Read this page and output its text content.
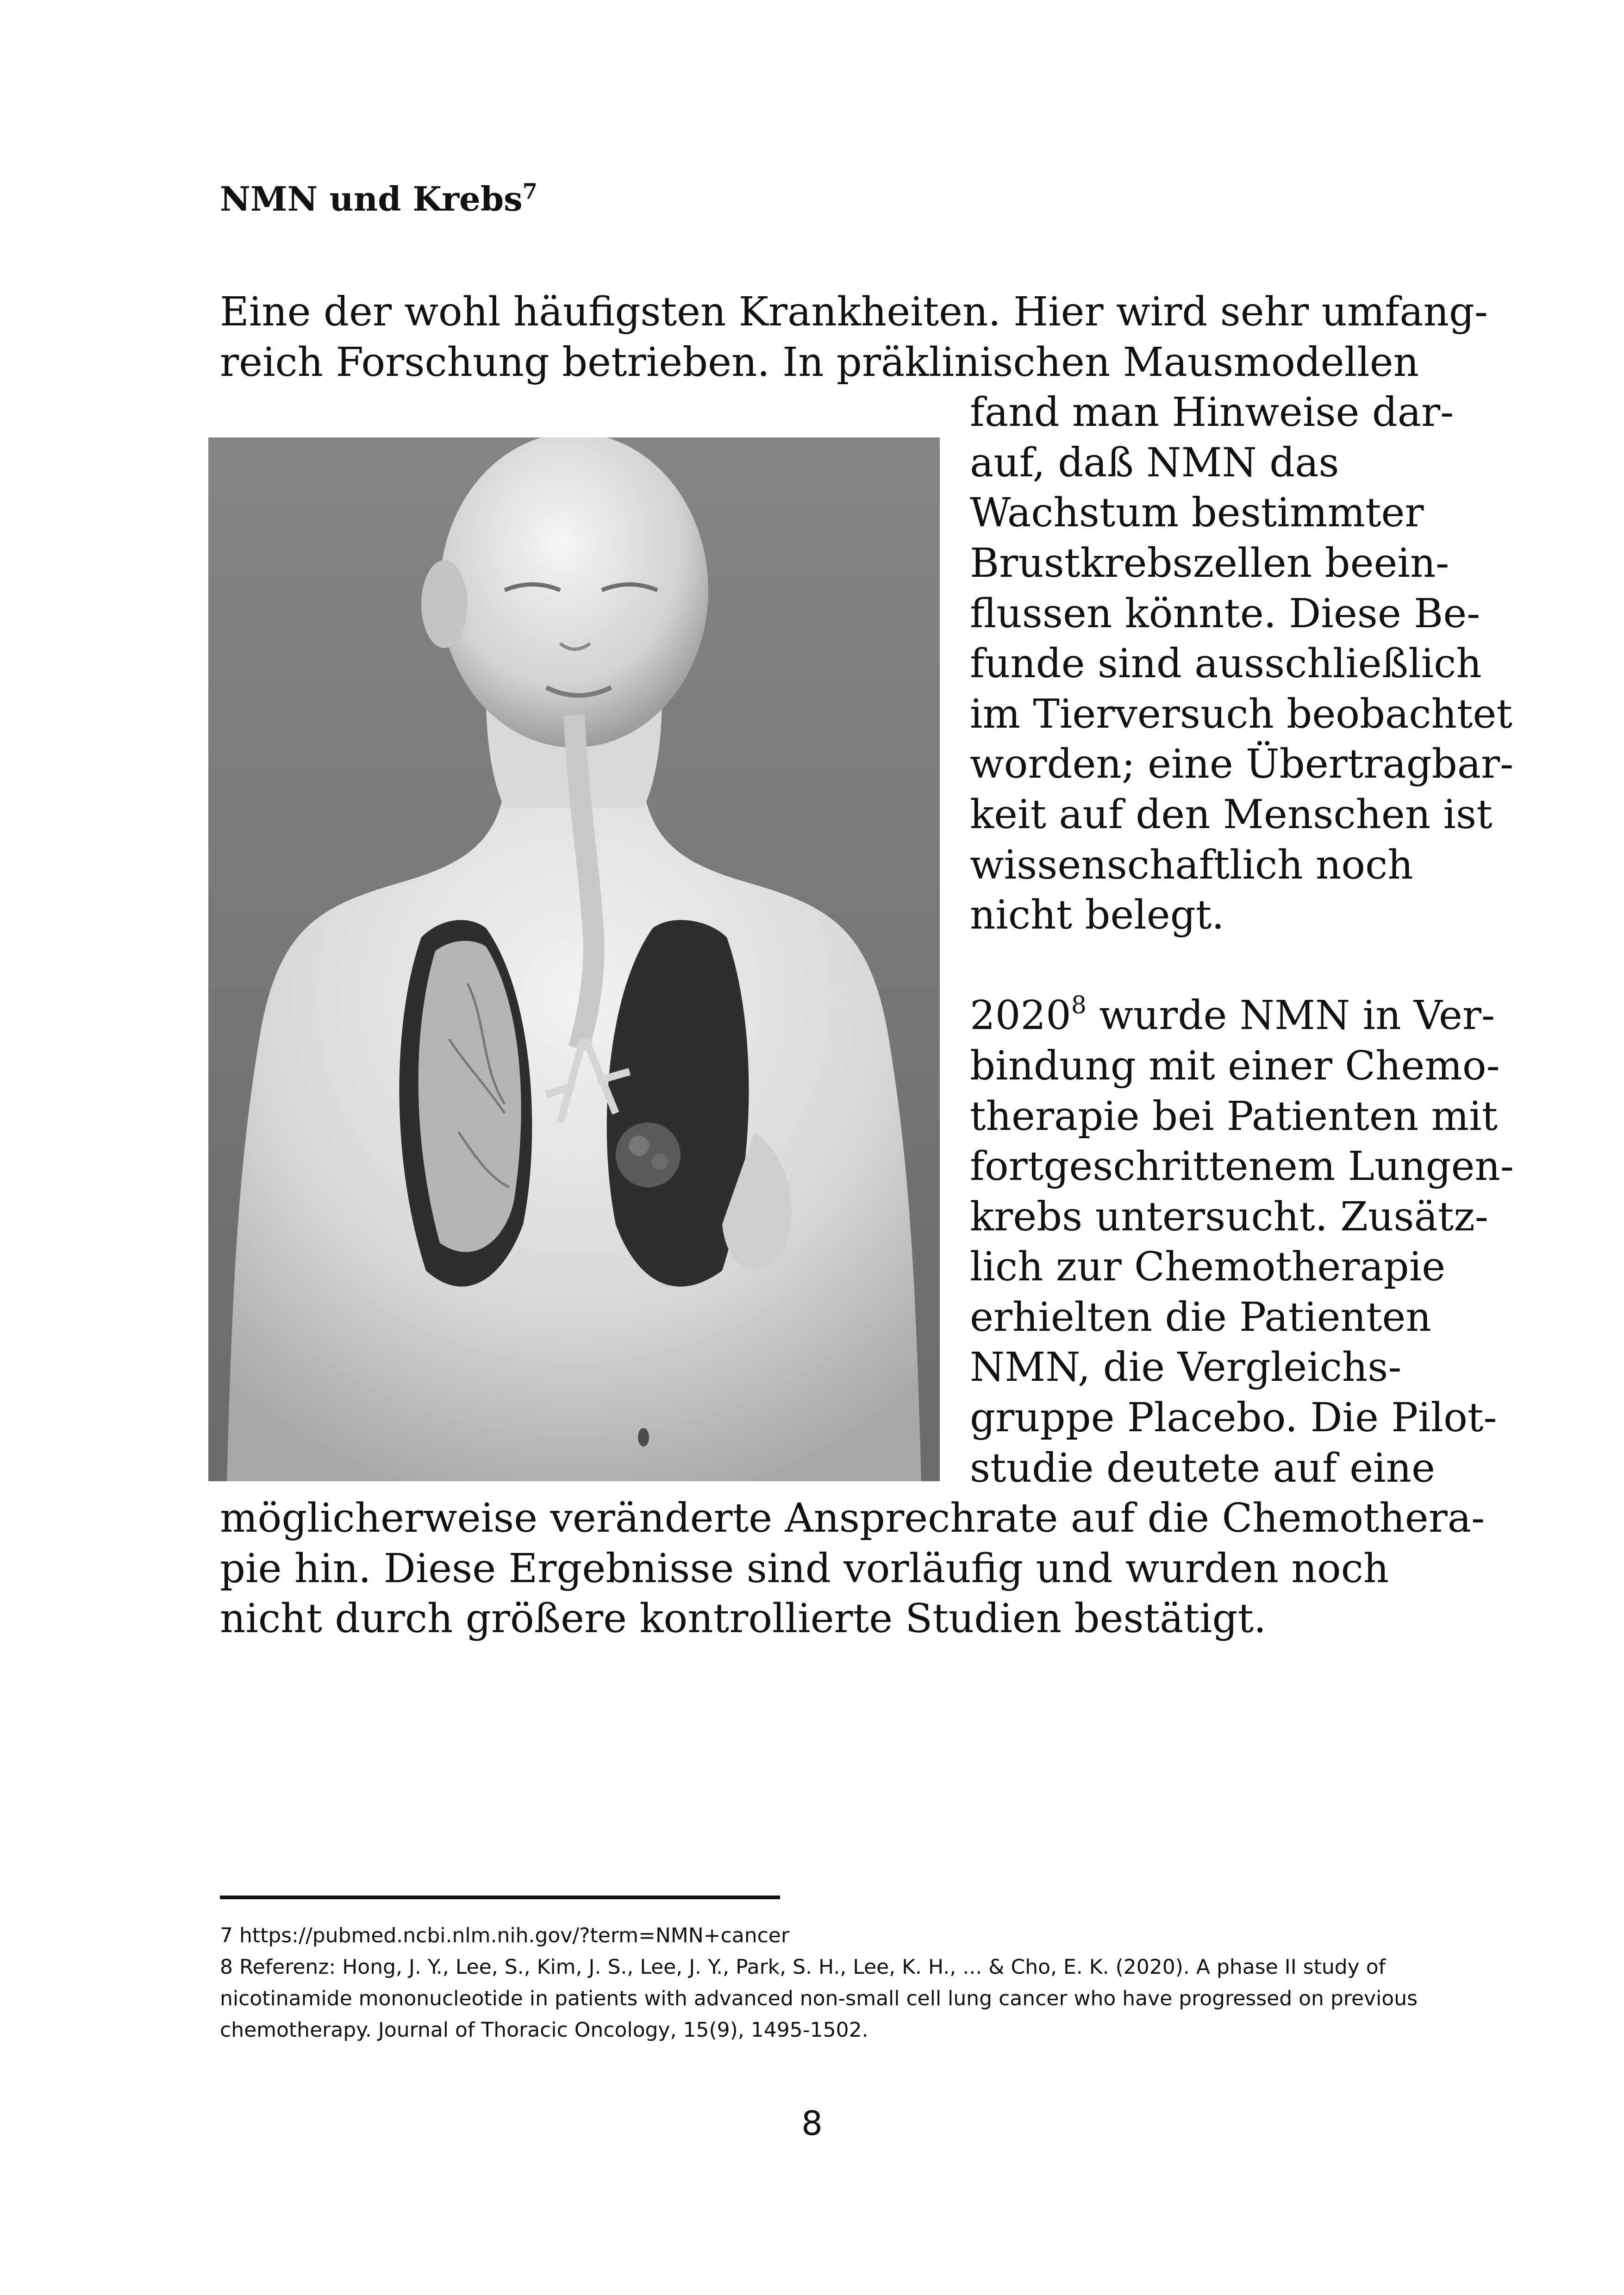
NMN und Krebs$^7$
Eine der wohl häufigsten Krankheiten. Hier wird sehr umfang-
reich Forschung betrieben. In präklinischen Mausmodellen
fand man Hinweise dar-
auf, daß NMN das
Wachstum bestimmter
Brustkrebszellen beein-
flussen könnte. Diese Be-
funde sind ausschließlich
im Tierversuch beobachtet
worden; eine Übertragbar-
keit auf den Menschen ist
wissenschaftlich noch
nicht belegt.
2020$^8$ wurde NMN in Ver-
bindung mit einer Chemo-
therapie bei Patienten mit
fortgeschrittenem Lungen-
krebs untersucht. Zusätz-
lich zur Chemotherapie
erhielten die Patienten
NMN, die Vergleichs-
gruppe Placebo. Die Pilot-
studie deutete auf eine
möglicherweise veränderte Ansprechrate auf die Chemothera-
pie hin. Diese Ergebnisse sind vorläufig und wurden noch
nicht durch größere kontrollierte Studien bestätigt.
7 https://pubmed.ncbi.nlm.nih.gov/?term=NMN+cancer
8 Referenz: Hong, J. Y., Lee, S., Kim, J. S., Lee, J. Y., Park, S. H., Lee, K. H., ... & Cho, E. K. (2020). A phase II study of
nicotinamide mononucleotide in patients with advanced non-small cell lung cancer who have progressed on previous
chemotherapy. Journal of Thoracic Oncology, 15(9), 1495-1502.
8
